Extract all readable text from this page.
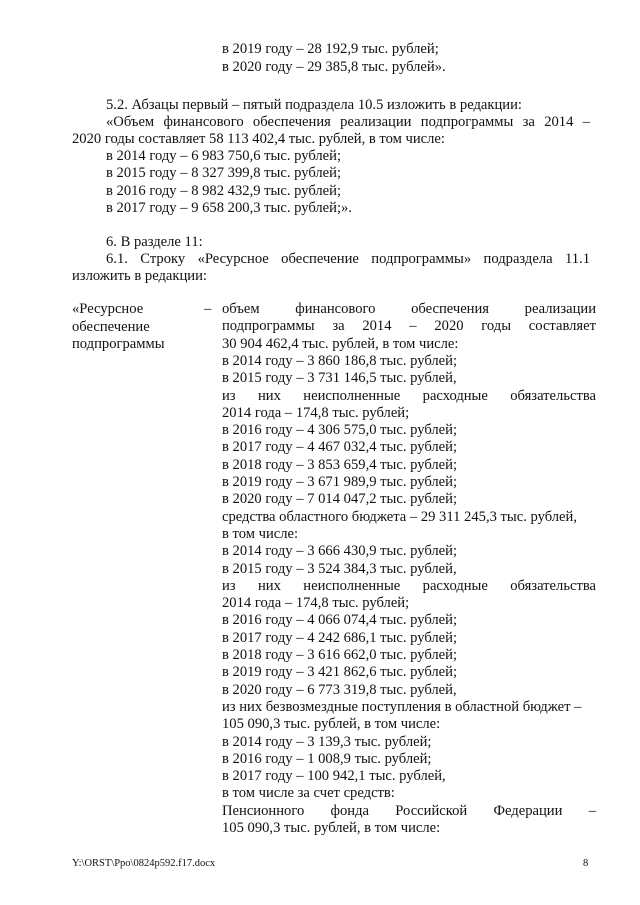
в 2019 году – 28 192,9 тыс. рублей;
в 2020 году – 29 385,8 тыс. рублей».
5.2. Абзацы первый – пятый подраздела 10.5 изложить в редакции:
«Объем финансового обеспечения реализации подпрограммы за 2014 –
2020 годы составляет 58 113 402,4 тыс. рублей, в том числе:
в 2014 году – 6 983 750,6 тыс. рублей;
в 2015 году – 8 327 399,8 тыс. рублей;
в 2016 году – 8 982 432,9 тыс. рублей;
в 2017 году – 9 658 200,3 тыс. рублей;».
6. В разделе 11:
6.1. Строку «Ресурсное обеспечение подпрограммы» подраздела 11.1
изложить в редакции:
«Ресурсное
обеспечение
подпрограммы
– объем финансового обеспечения реализации
подпрограммы за 2014 – 2020 годы составляет
30 904 462,4 тыс. рублей, в том числе:
в 2014 году – 3 860 186,8 тыс. рублей;
в 2015 году – 3 731 146,5 тыс. рублей,
из них неисполненные расходные обязательства
2014 года – 174,8 тыс. рублей;
в 2016 году – 4 306 575,0 тыс. рублей;
в 2017 году – 4 467 032,4 тыс. рублей;
в 2018 году – 3 853 659,4 тыс. рублей;
в 2019 году – 3 671 989,9 тыс. рублей;
в 2020 году – 7 014 047,2 тыс. рублей;
средства областного бюджета – 29 311 245,3 тыс. рублей,
в том числе:
в 2014 году – 3 666 430,9 тыс. рублей;
в 2015 году – 3 524 384,3 тыс. рублей,
из них неисполненные расходные обязательства
2014 года – 174,8 тыс. рублей;
в 2016 году – 4 066 074,4 тыс. рублей;
в 2017 году – 4 242 686,1 тыс. рублей;
в 2018 году – 3 616 662,0 тыс. рублей;
в 2019 году – 3 421 862,6 тыс. рублей;
в 2020 году – 6 773 319,8 тыс. рублей,
из них безвозмездные поступления в областной бюджет –
105 090,3 тыс. рублей, в том числе:
в 2014 году – 3 139,3 тыс. рублей;
в 2016 году – 1 008,9 тыс. рублей;
в 2017 году – 100 942,1 тыс. рублей,
в том числе за счет средств:
Пенсионного фонда Российской Федерации –
105 090,3 тыс. рублей, в том числе:
Y:\ORST\Ppo\0824p592.f17.docx	8
